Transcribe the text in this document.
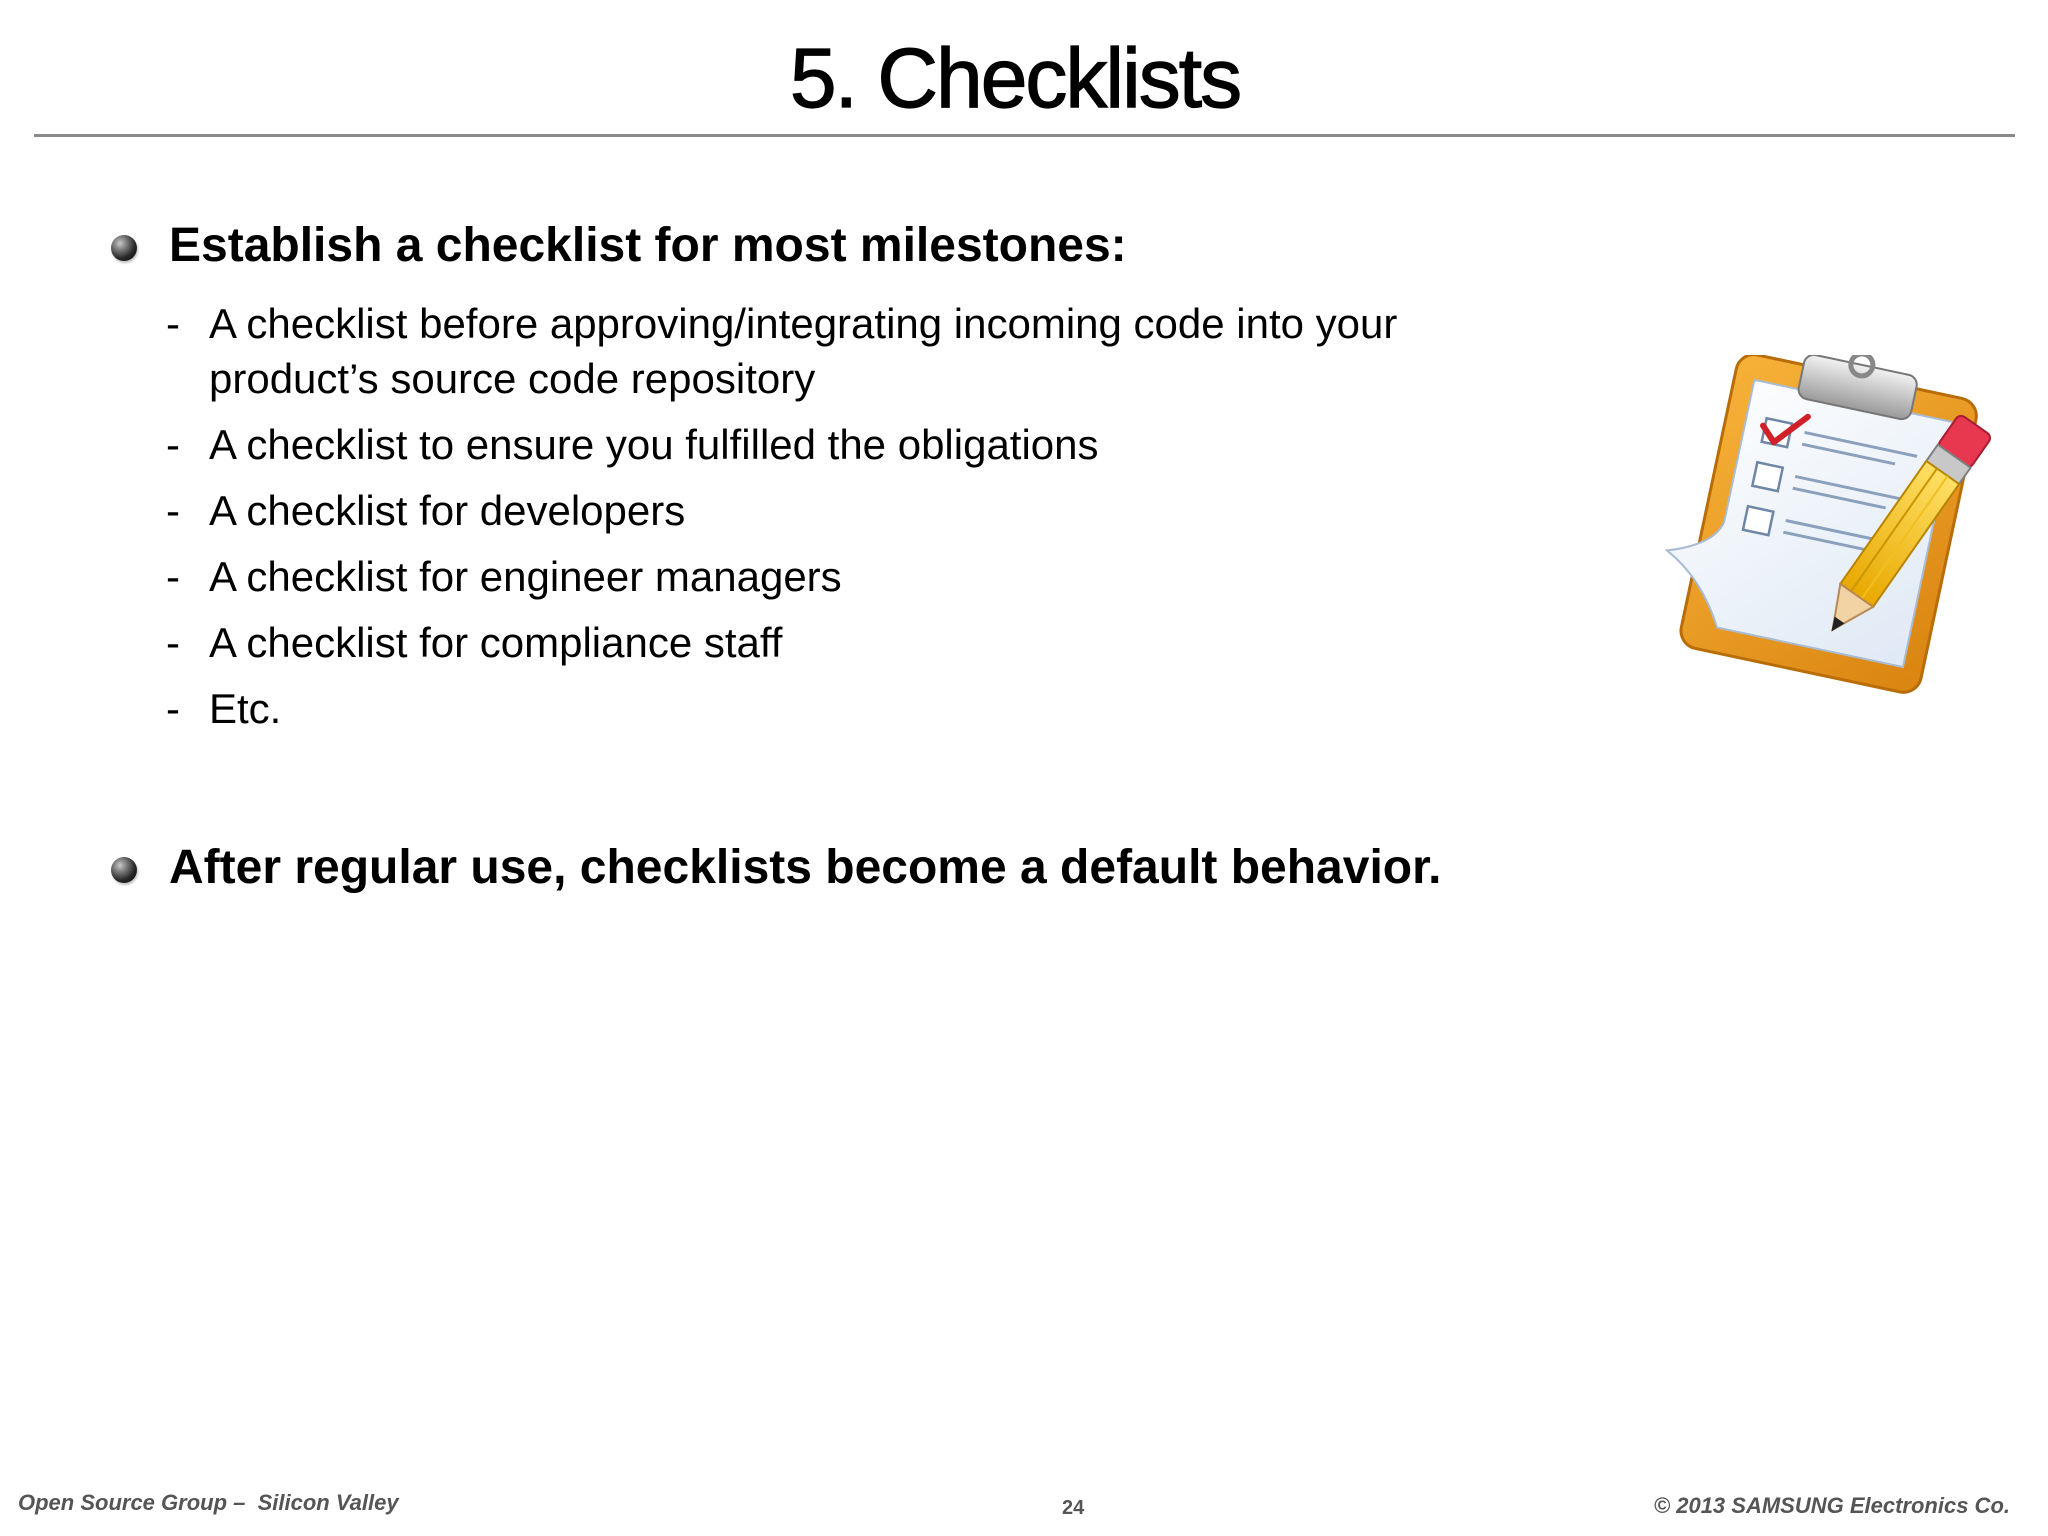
5. Checklists
Establish a checklist for most milestones:
- A checklist before approving/integrating incoming code into your product’s source code repository
- A checklist to ensure you fulfilled the obligations
- A checklist for developers
- A checklist for engineer managers
- A checklist for compliance staff
- Etc.
After regular use, checklists become a default behavior.
Open Source Group –  Silicon Valley	24	© 2013 SAMSUNG Electronics Co.
